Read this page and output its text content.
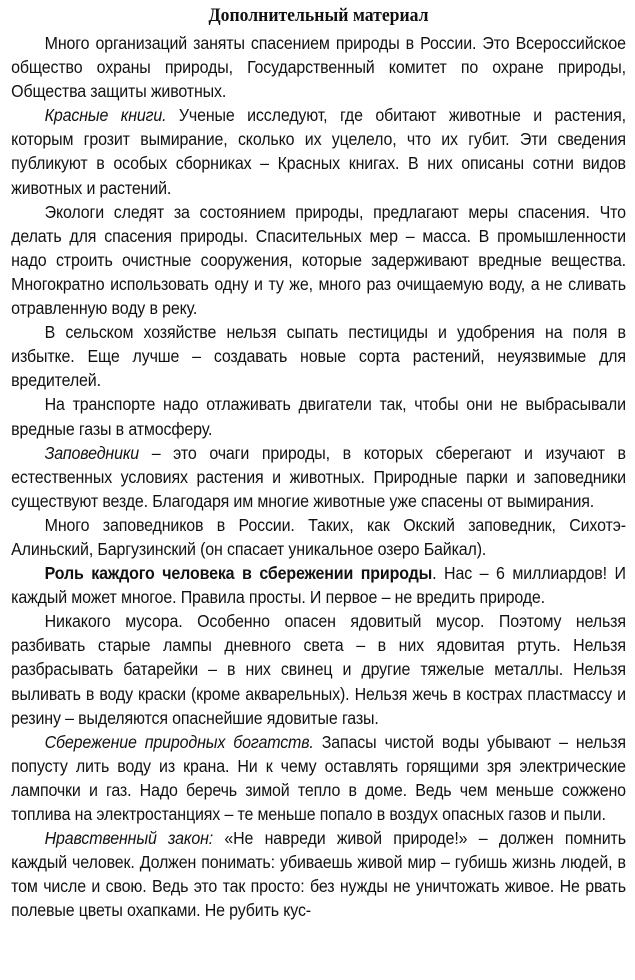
Дополнительный материал

Много организаций заняты спасением природы в России. Это Всероссийское общество охраны природы, Государственный комитет по охране природы, Общества защиты животных.

Красные книги. Ученые исследуют, где обитают животные и растения, которым грозит вымирание, сколько их уцелело, что их губит. Эти сведения публикуют в особых сборниках – Красных книгах. В них описаны сотни видов животных и растений.

Экологи следят за состоянием природы, предлагают меры спасения. Что делать для спасения природы. Спасительных мер – масса. В промышленности надо строить очистные сооружения, которые задерживают вредные вещества. Многократно использовать одну и ту же, много раз очищаемую воду, а не сливать отравленную воду в реку.

В сельском хозяйстве нельзя сыпать пестициды и удобрения на поля в избытке. Еще лучше – создавать новые сорта растений, неуязвимые для вредителей.

На транспорте надо отлаживать двигатели так, чтобы они не выбрасывали вредные газы в атмосферу.

Заповедники – это очаги природы, в которых сберегают и изучают в естественных условиях растения и животных. Природные парки и заповедники существуют везде. Благодаря им многие животные уже спасены от вымирания.

Много заповедников в России. Таких, как Окский заповедник, Сихотэ-Алиньский, Баргузинский (он спасает уникальное озеро Байкал).

Роль каждого человека в сбережении природы. Нас – 6 миллиардов! И каждый может многое. Правила просты. И первое – не вредить природе.

Никакого мусора. Особенно опасен ядовитый мусор. Поэтому нельзя разбивать старые лампы дневного света – в них ядовитая ртуть. Нельзя разбрасывать батарейки – в них свинец и другие тяжелые металлы. Нельзя выливать в воду краски (кроме акварельных). Нельзя жечь в кострах пластмассу и резину – выделяются опаснейшие ядовитые газы.

Сбережение природных богатств. Запасы чистой воды убывают – нельзя попусту лить воду из крана. Ни к чему оставлять горящими зря электрические лампочки и газ. Надо беречь зимой тепло в доме. Ведь чем меньше сожжено топлива на электростанциях – те меньше попало в воздух опасных газов и пыли.

Нравственный закон: «Не навреди живой природе!» – должен помнить каждый человек. Должен понимать: убиваешь живой мир – губишь жизнь людей, в том числе и свою. Ведь это так просто: без нужды не уничтожать живое. Не рвать полевые цветы охапками. Не рубить кус-
